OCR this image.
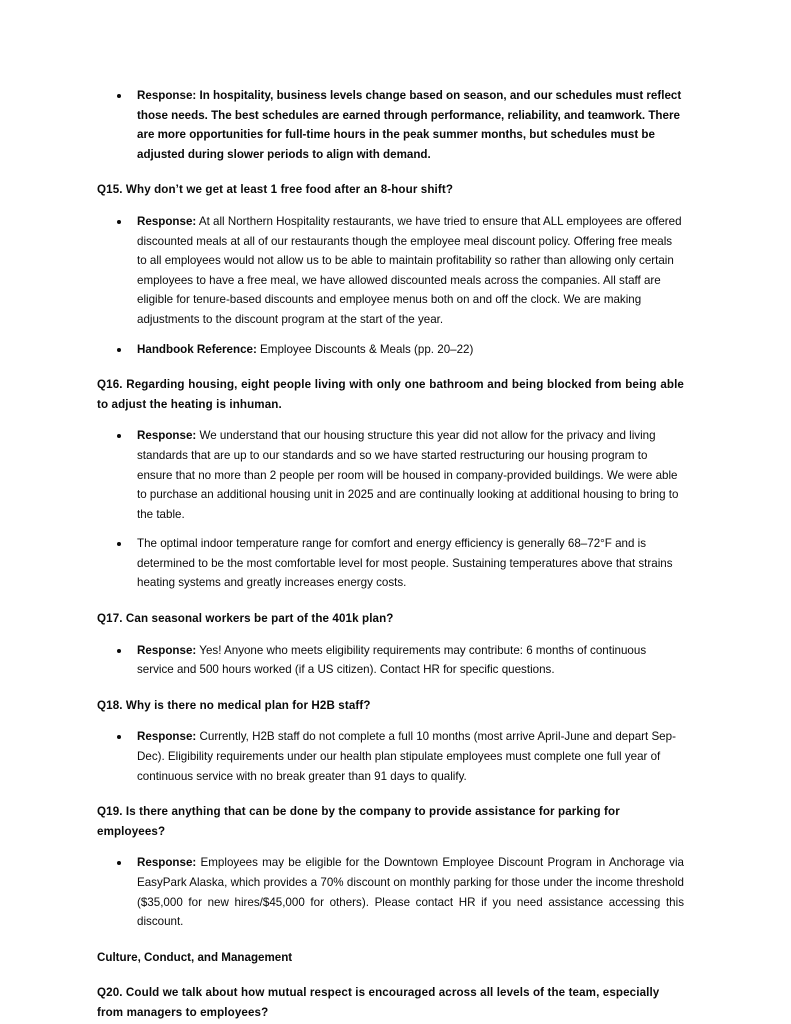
Response: In hospitality, business levels change based on season, and our schedules must reflect those needs. The best schedules are earned through performance, reliability, and teamwork. There are more opportunities for full-time hours in the peak summer months, but schedules must be adjusted during slower periods to align with demand.

Q15. Why don’t we get at least 1 free food after an 8-hour shift?

Response: At all Northern Hospitality restaurants, we have tried to ensure that ALL employees are offered discounted meals at all of our restaurants though the employee meal discount policy. Offering free meals to all employees would not allow us to be able to maintain profitability so rather than allowing only certain employees to have a free meal, we have allowed discounted meals across the companies. All staff are eligible for tenure-based discounts and employee menus both on and off the clock. We are making adjustments to the discount program at the start of the year.
Handbook Reference: Employee Discounts & Meals (pp. 20–22)

Q16. Regarding housing, eight people living with only one bathroom and being blocked from being able to adjust the heating is inhuman.

Response: We understand that our housing structure this year did not allow for the privacy and living standards that are up to our standards and so we have started restructuring our housing program to ensure that no more than 2 people per room will be housed in company-provided buildings. We were able to purchase an additional housing unit in 2025 and are continually looking at additional housing to bring to the table.
The optimal indoor temperature range for comfort and energy efficiency is generally 68–72°F and is determined to be the most comfortable level for most people. Sustaining temperatures above that strains heating systems and greatly increases energy costs.

Q17. Can seasonal workers be part of the 401k plan?

Response: Yes! Anyone who meets eligibility requirements may contribute: 6 months of continuous service and 500 hours worked (if a US citizen). Contact HR for specific questions.

Q18. Why is there no medical plan for H2B staff?

Response: Currently, H2B staff do not complete a full 10 months (most arrive April-June and depart Sep-Dec). Eligibility requirements under our health plan stipulate employees must complete one full year of continuous service with no break greater than 91 days to qualify.

Q19. Is there anything that can be done by the company to provide assistance for parking for employees?

Response: Employees may be eligible for the Downtown Employee Discount Program in Anchorage via EasyPark Alaska, which provides a 70% discount on monthly parking for those under the income threshold ($35,000 for new hires/$45,000 for others). Please contact HR if you need assistance accessing this discount.

Culture, Conduct, and Management

Q20. Could we talk about how mutual respect is encouraged across all levels of the team, especially from managers to employees?
